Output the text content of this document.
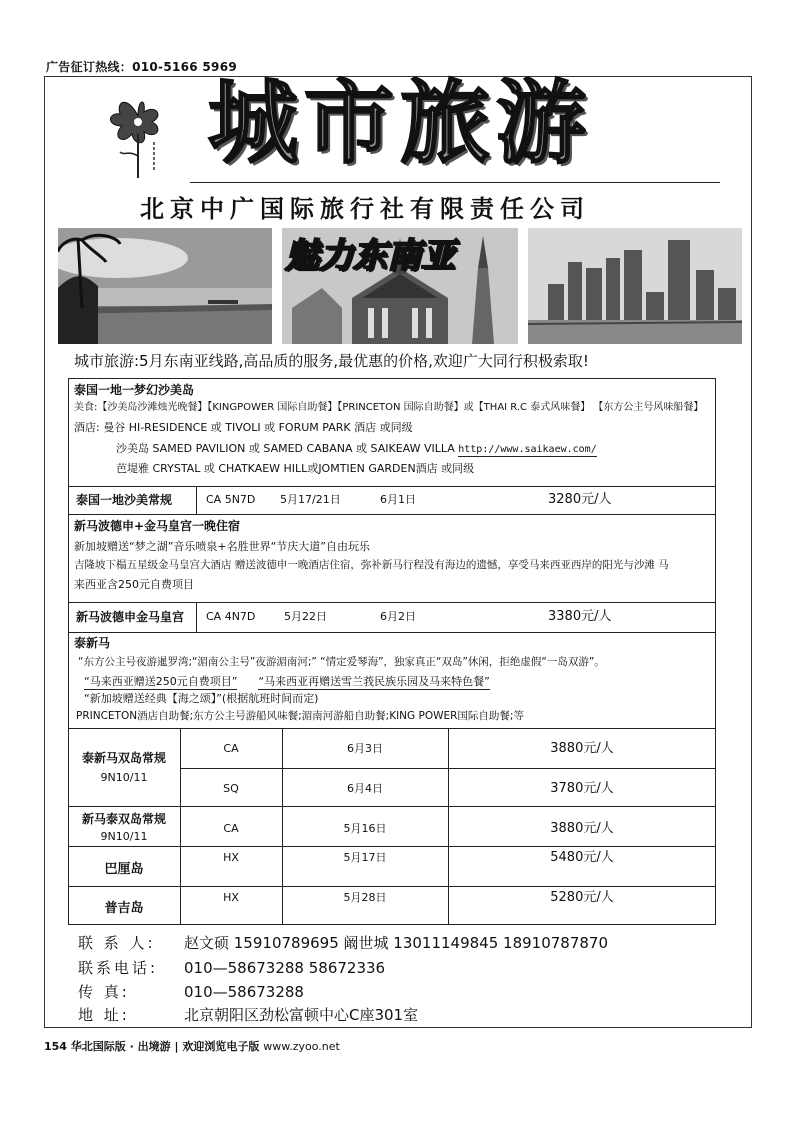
广告征订热线：010-5166 5969
城市旅游
北京中广国际旅行社有限责任公司
魅力东南亚
城市旅游:5月东南亚线路,高品质的服务,最优惠的价格,欢迎广大同行积极索取!
泰国一地一梦幻沙美岛
美食:【沙美岛沙滩烛光晚餐】【KINGPOWER 国际自助餐】【PRINCETON 国际自助餐】或【THAI R.C 泰式风味餐】 【东方公主号风味船餐】
酒店: 曼谷 HI-RESIDENCE 或 TIVOLI 或 FORUM PARK 酒店 或同级
沙美岛 SAMED PAVILION 或 SAMED CABANA 或 SAIKEAW VILLA http://www.saikaew.com/
芭堤雅 CRYSTAL 或 CHATKAEW HILL或JOMTIEN GARDEN酒店 或同级
泰国一地沙美常规	CA 5N7D 5月17/21日	6月1日	3280元/人
新马波德申+金马皇宫一晚住宿
新加坡赠送“梦之湖”音乐喷泉+名胜世界“节庆大道”自由玩乐
吉隆坡下榻五星级金马皇宫大酒店 赠送波德申一晚酒店住宿，弥补新马行程没有海边的遗憾，享受马来西亚西岸的阳光与沙滩 马
来西亚含250元自费项目
新马波德申金马皇宫 CA 4N7D	5月22日	6月2日	3380元/人
泰新马
“东方公主号夜游暹罗湾;“湄南公主号”夜游湄南河;” “情定爱琴海”，独家真正“双岛”休闲，拒绝虚假“一岛双游”。
“马来西亚赠送250元自费项目” “马来西亚再赠送雪兰莪民族乐园及马来特色餐”
“新加坡赠送经典【海之颂】”(根据航班时间而定)
PRINCETON酒店自助餐;东方公主号游船风味餐;湄南河游船自助餐;KING POWER国际自助餐;等
泰新马双岛常规
9N10/11
CA	6月3日	3880元/人
SQ	6月4日	3780元/人
新马泰双岛常规
9N10/11
CA	5月16日	3880元/人
巴厘岛
HX	5月17日	5480元/人
普吉岛
HX	5月28日	5280元/人
联 系 人: 赵文硕 15910789695 阚世城 13011149845 18910787870
联系电话: 010—58673288 58672336
传 真:	010—58673288
地 址:	北京朝阳区劲松富顿中心C座301室
154 华北国际版 · 出境游 | 欢迎浏览电子版 www.zyoo.net
